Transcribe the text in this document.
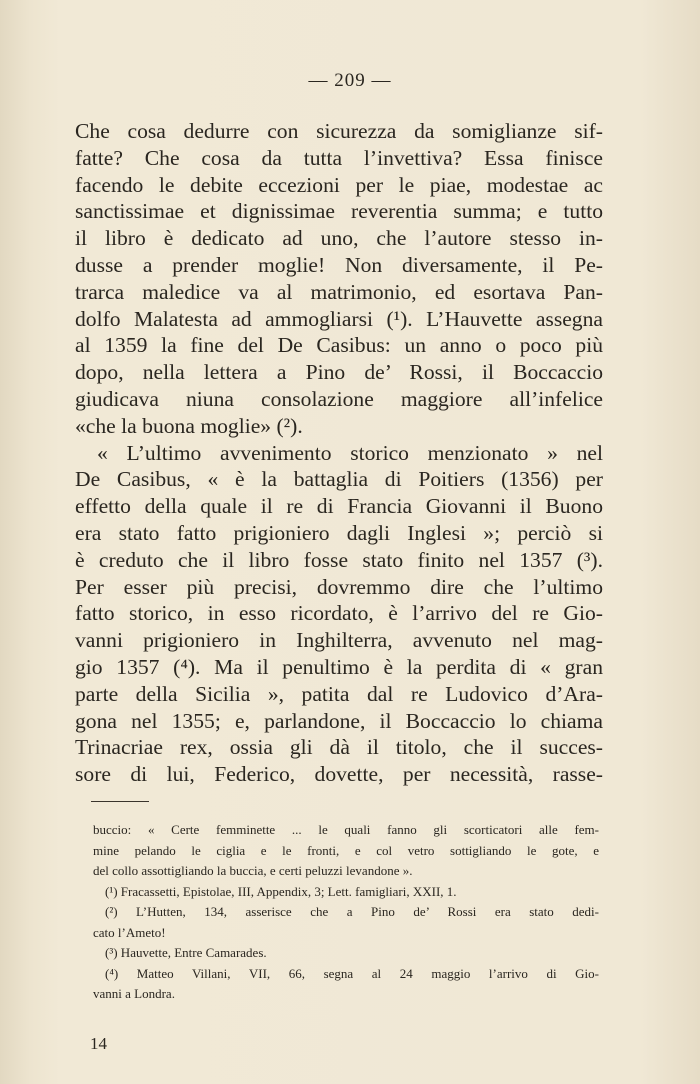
— 209 —
Che cosa dedurre con sicurezza da somiglianze sif-
fatte? Che cosa da tutta l’invettiva? Essa finisce
facendo le debite eccezioni per le piae, modestae ac
sanctissimae et dignissimae reverentia summa; e tutto
il libro è dedicato ad uno, che l’autore stesso in-
dusse a prender moglie! Non diversamente, il Pe-
trarca maledice va al matrimonio, ed esortava Pan-
dolfo Malatesta ad ammogliarsi (¹). L’Hauvette assegna
al 1359 la fine del De Casibus: un anno o poco più
dopo, nella lettera a Pino de’ Rossi, il Boccaccio
giudicava niuna consolazione maggiore all’infelice
«che la buona moglie» (²).
« L’ultimo avvenimento storico menzionato » nel
De Casibus, « è la battaglia di Poitiers (1356) per
effetto della quale il re di Francia Giovanni il Buono
era stato fatto prigioniero dagli Inglesi »; perciò si
è creduto che il libro fosse stato finito nel 1357 (³).
Per esser più precisi, dovremmo dire che l’ultimo
fatto storico, in esso ricordato, è l’arrivo del re Gio-
vanni prigioniero in Inghilterra, avvenuto nel mag-
gio 1357 (⁴). Ma il penultimo è la perdita di « gran
parte della Sicilia », patita dal re Ludovico d’Ara-
gona nel 1355; e, parlandone, il Boccaccio lo chiama
Trinacriae rex, ossia gli dà il titolo, che il succes-
sore di lui, Federico, dovette, per necessità, rasse-
buccio: « Certe femminette ... le quali fanno gli scorticatori alle fem-
mine pelando le ciglia e le fronti, e col vetro sottigliando le gote, e
del collo assottigliando la buccia, e certi peluzzi levandone ».
(¹) Fracassetti, Epistolae, III, Appendix, 3; Lett. famigliari, XXII, 1.
(²) L’Hutten, 134, asserisce che a Pino de’ Rossi era stato dedi-
cato l’Ameto!
(³) Hauvette, Entre Camarades.
(⁴) Matteo Villani, VII, 66, segna al 24 maggio l’arrivo di Gio-
vanni a Londra.
14
